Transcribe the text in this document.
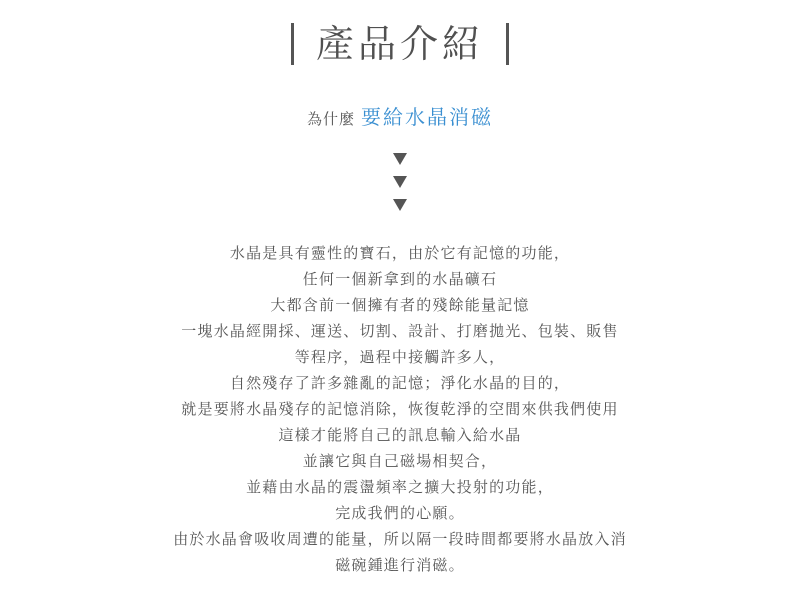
產品介紹
為什麼 要給水晶消磁
水晶是具有靈性的寶石，由於它有記憶的功能，
任何一個新拿到的水晶礦石
大都含前一個擁有者的殘餘能量記憶
一塊水晶經開採、運送、切割、設計、打磨拋光、包裝、販售
等程序，過程中接觸許多人，
自然殘存了許多雜亂的記憶；淨化水晶的目的，
就是要將水晶殘存的記憶消除，恢復乾淨的空間來供我們使用
這樣才能將自己的訊息輸入給水晶
並讓它與自己磁場相契合，
並藉由水晶的震盪頻率之擴大投射的功能，
完成我們的心願。
由於水晶會吸收周遭的能量，所以隔一段時間都要將水晶放入消
磁碗鍾進行消磁。
